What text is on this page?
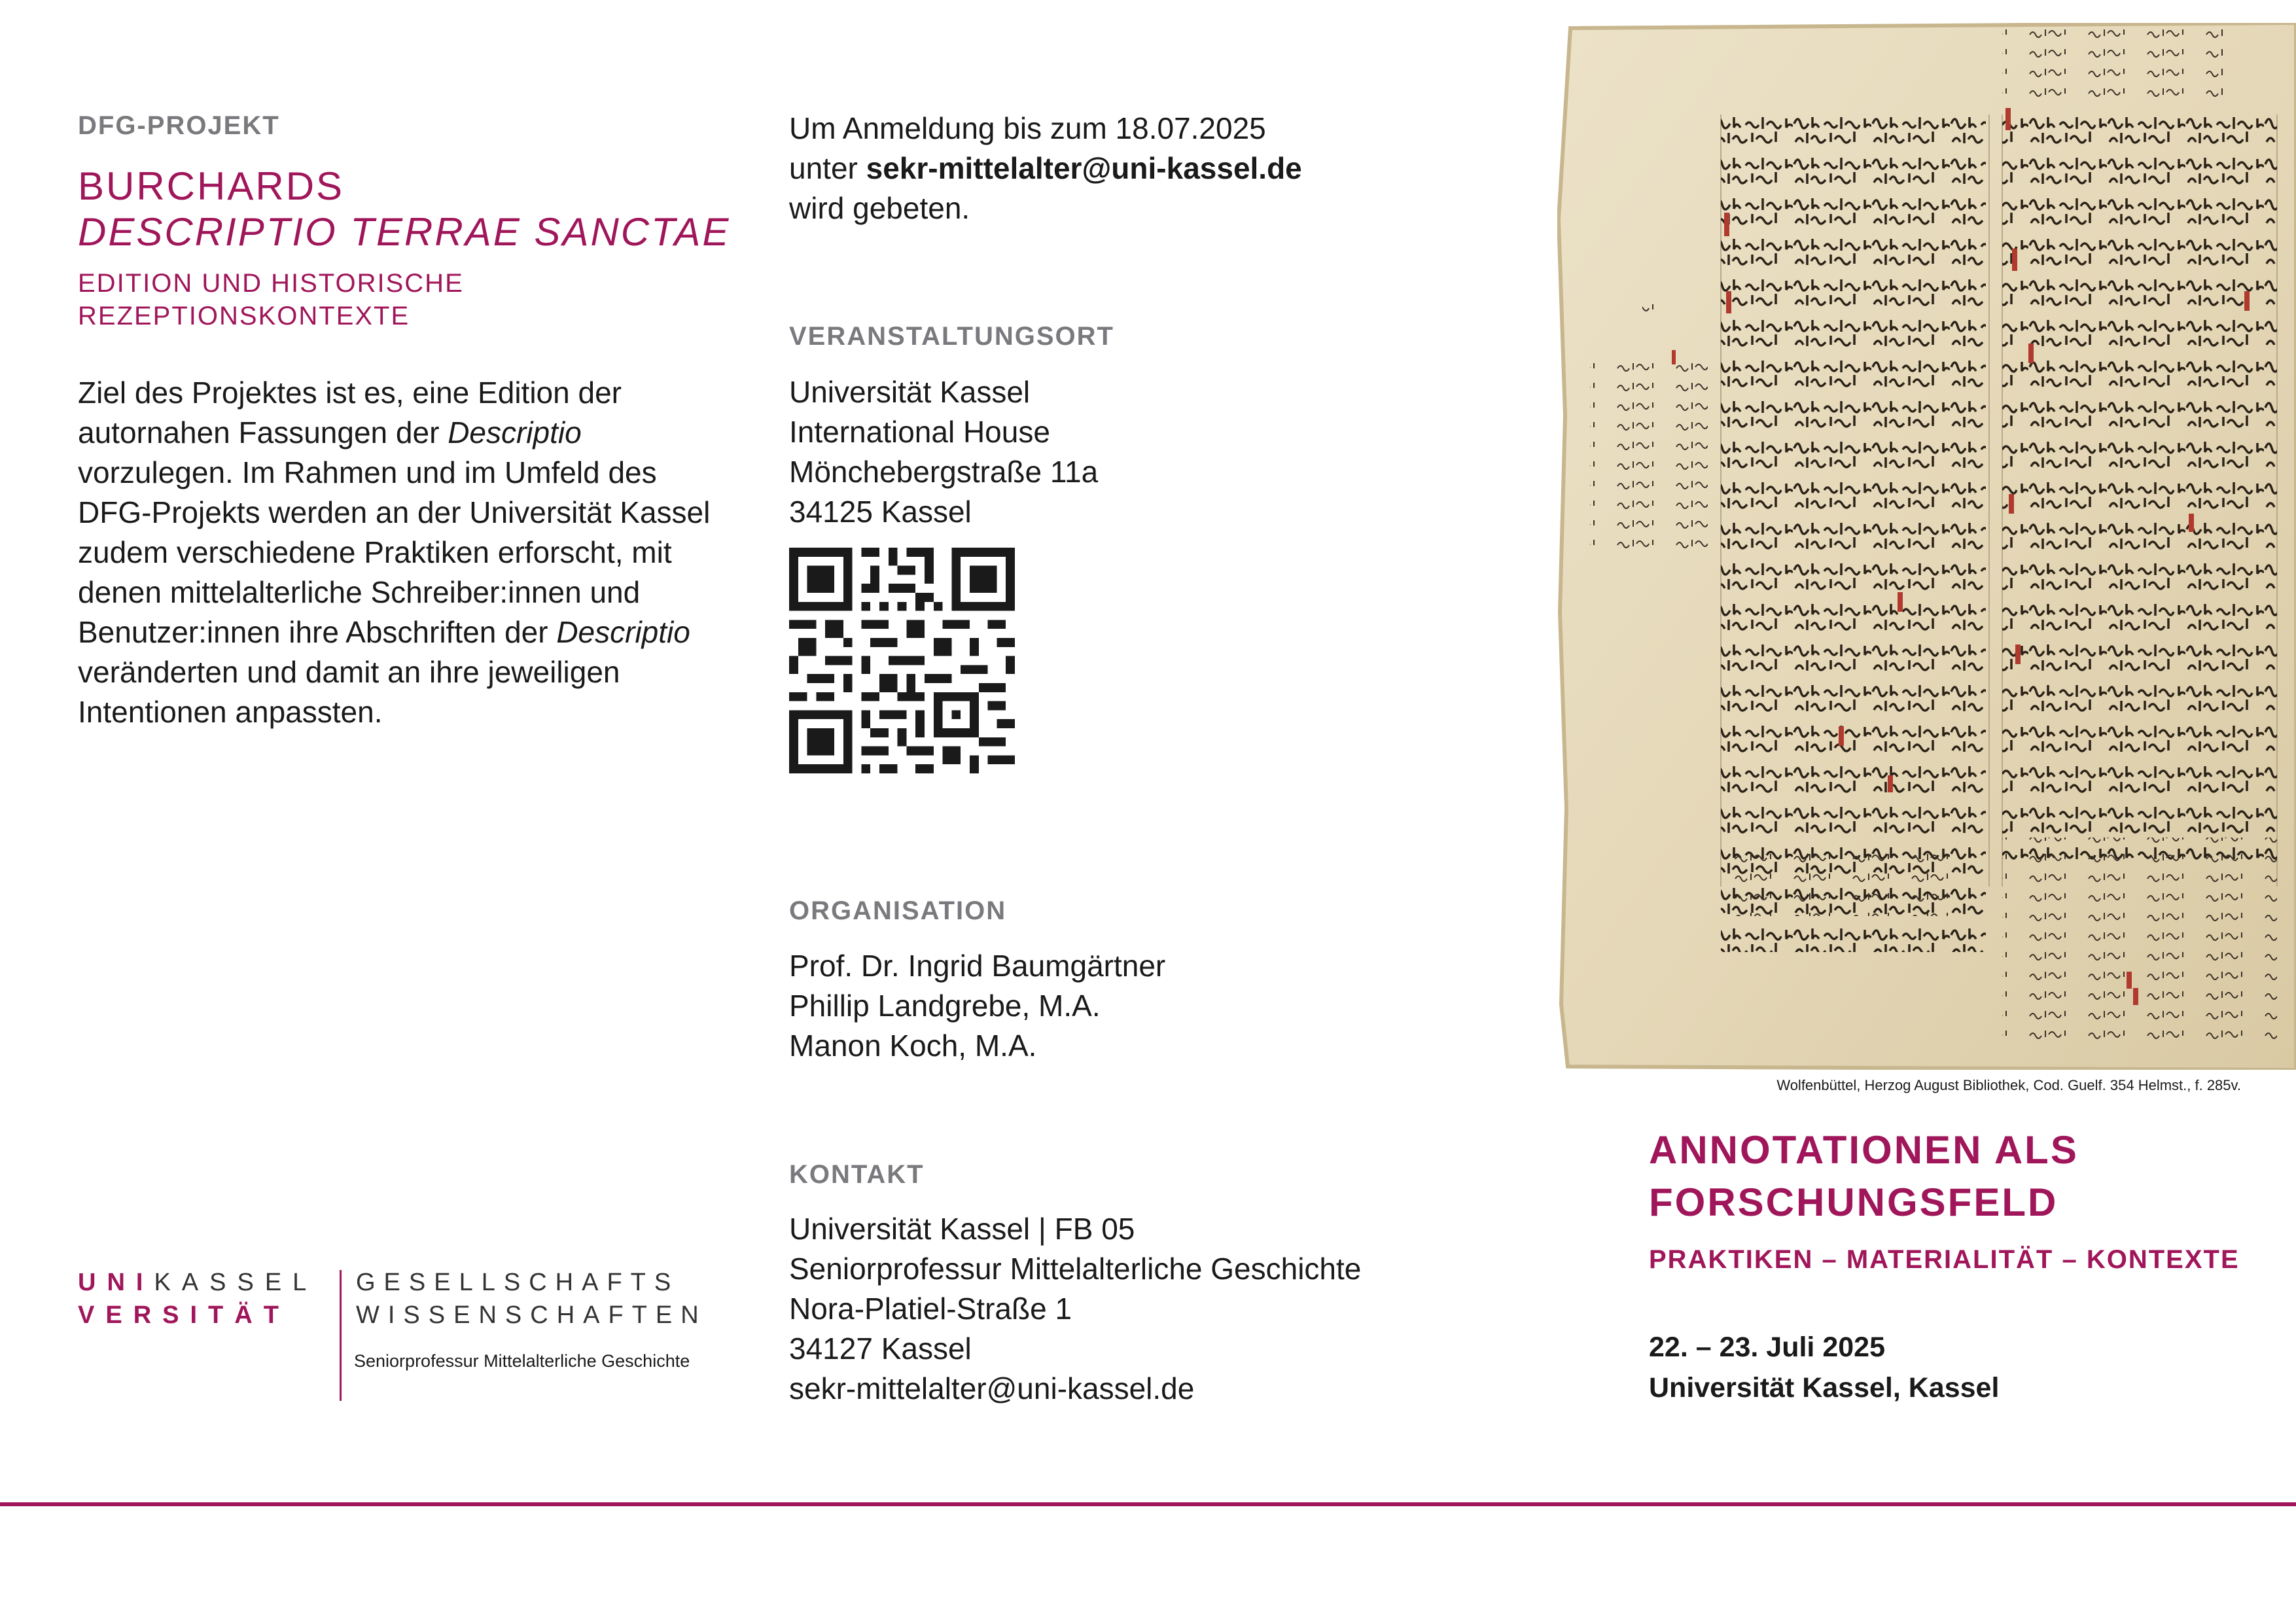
DFG-PROJEKT
BURCHARDS
DESCRIPTIO TERRAE SANCTAE
EDITION UND HISTORISCHE REZEPTIONSKONTEXTE

Ziel des Projektes ist es, eine Edition der

autornahen Fassungen der Descriptio

vorzulegen. Im Rahmen und im Umfeld des

DFG-Projekts werden an der Universität Kassel

zudem verschiedene Praktiken erforscht, mit

denen mittelalterliche Schreiber:innen und

Benutzer:innen ihre Abschriften der Descriptio

veränderten und damit an ihre jeweiligen

Intentionen anpassten.

UNIKASSEL
VERSITÄT
GESELLSCHAFTS
WISSENSCHAFTEN
Seniorprofessur Mittelalterliche Geschichte

Um Anmeldung bis zum 18.07.2025

unter sekr-mittelalter@uni-kassel.de

wird gebeten.

VERANSTALTUNGSORT

Universität Kassel

International House

Mönchebergstraße 11a

34125 Kassel

ORGANISATION

Prof. Dr. Ingrid Baumgärtner

Phillip Landgrebe, M.A.

Manon Koch, M.A.

KONTAKT

Universität Kassel | FB 05

Seniorprofessur Mittelalterliche Geschichte

Nora-Platiel-Straße 1

34127 Kassel

sekr-mittelalter@uni-kassel.de

Wolfenbüttel, Herzog August Bibliothek, Cod. Guelf. 354 Helmst., f. 285v.
ANNOTATIONEN ALS
FORSCHUNGSFELD
PRAKTIKEN – MATERIALITÄT – KONTEXTE
22. – 23. Juli 2025
Universität Kassel, Kassel
